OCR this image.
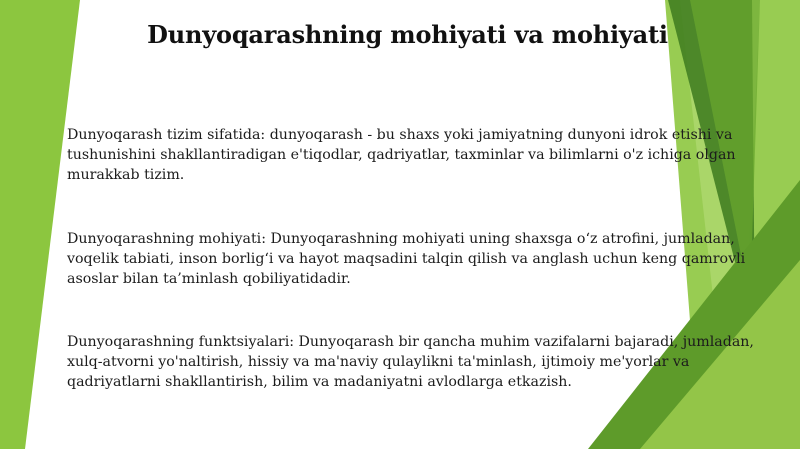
Dunyoqarashning mohiyati va mohiyati
Dunyoqarash tizim sifatida: dunyoqarash - bu shaxs yoki jamiyatning dunyoni idrok etishi va tushunishini shakllantiradigan e'tiqodlar, qadriyatlar, taxminlar va bilimlarni o'z ichiga olgan murakkab tizim.
Dunyoqarashning mohiyati: Dunyoqarashning mohiyati uning shaxsga o‘z atrofini, jumladan, voqelik tabiati, inson borlig‘i va hayot maqsadini talqin qilish va anglash uchun keng qamrovli asoslar bilan ta’minlash qobiliyatidadir.
Dunyoqarashning funktsiyalari: Dunyoqarash bir qancha muhim vazifalarni bajaradi, jumladan, xulq-atvorni yo'naltirish, hissiy va ma'naviy qulaylikni ta'minlash, ijtimoiy me'yorlar va qadriyatlarni shakllantirish, bilim va madaniyatni avlodlarga etkazish.
